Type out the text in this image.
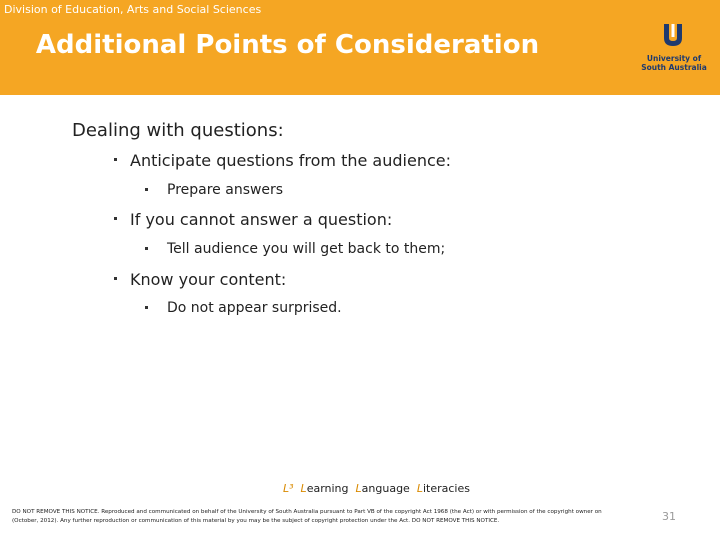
Division of Education, Arts and Social Sciences
Additional Points of Consideration	University of
South Australia
Dealing with questions:
Anticipate questions from the audience:
Prepare answers
If you cannot answer a question:
Tell audience you will get back to them;
Know your content:
Do not appear surprised.
L³ Learning Language Literacies
DO NOT REMOVE THIS NOTICE. Reproduced and communicated on behalf of the University of South Australia pursuant to Part VB of the copyright Act 1968 (the Act) or with permission of the copyright owner on
(October, 2012). Any further reproduction or communication of this material by you may be the subject of copyright protection under the Act. DO NOT REMOVE THIS NOTICE.	31
